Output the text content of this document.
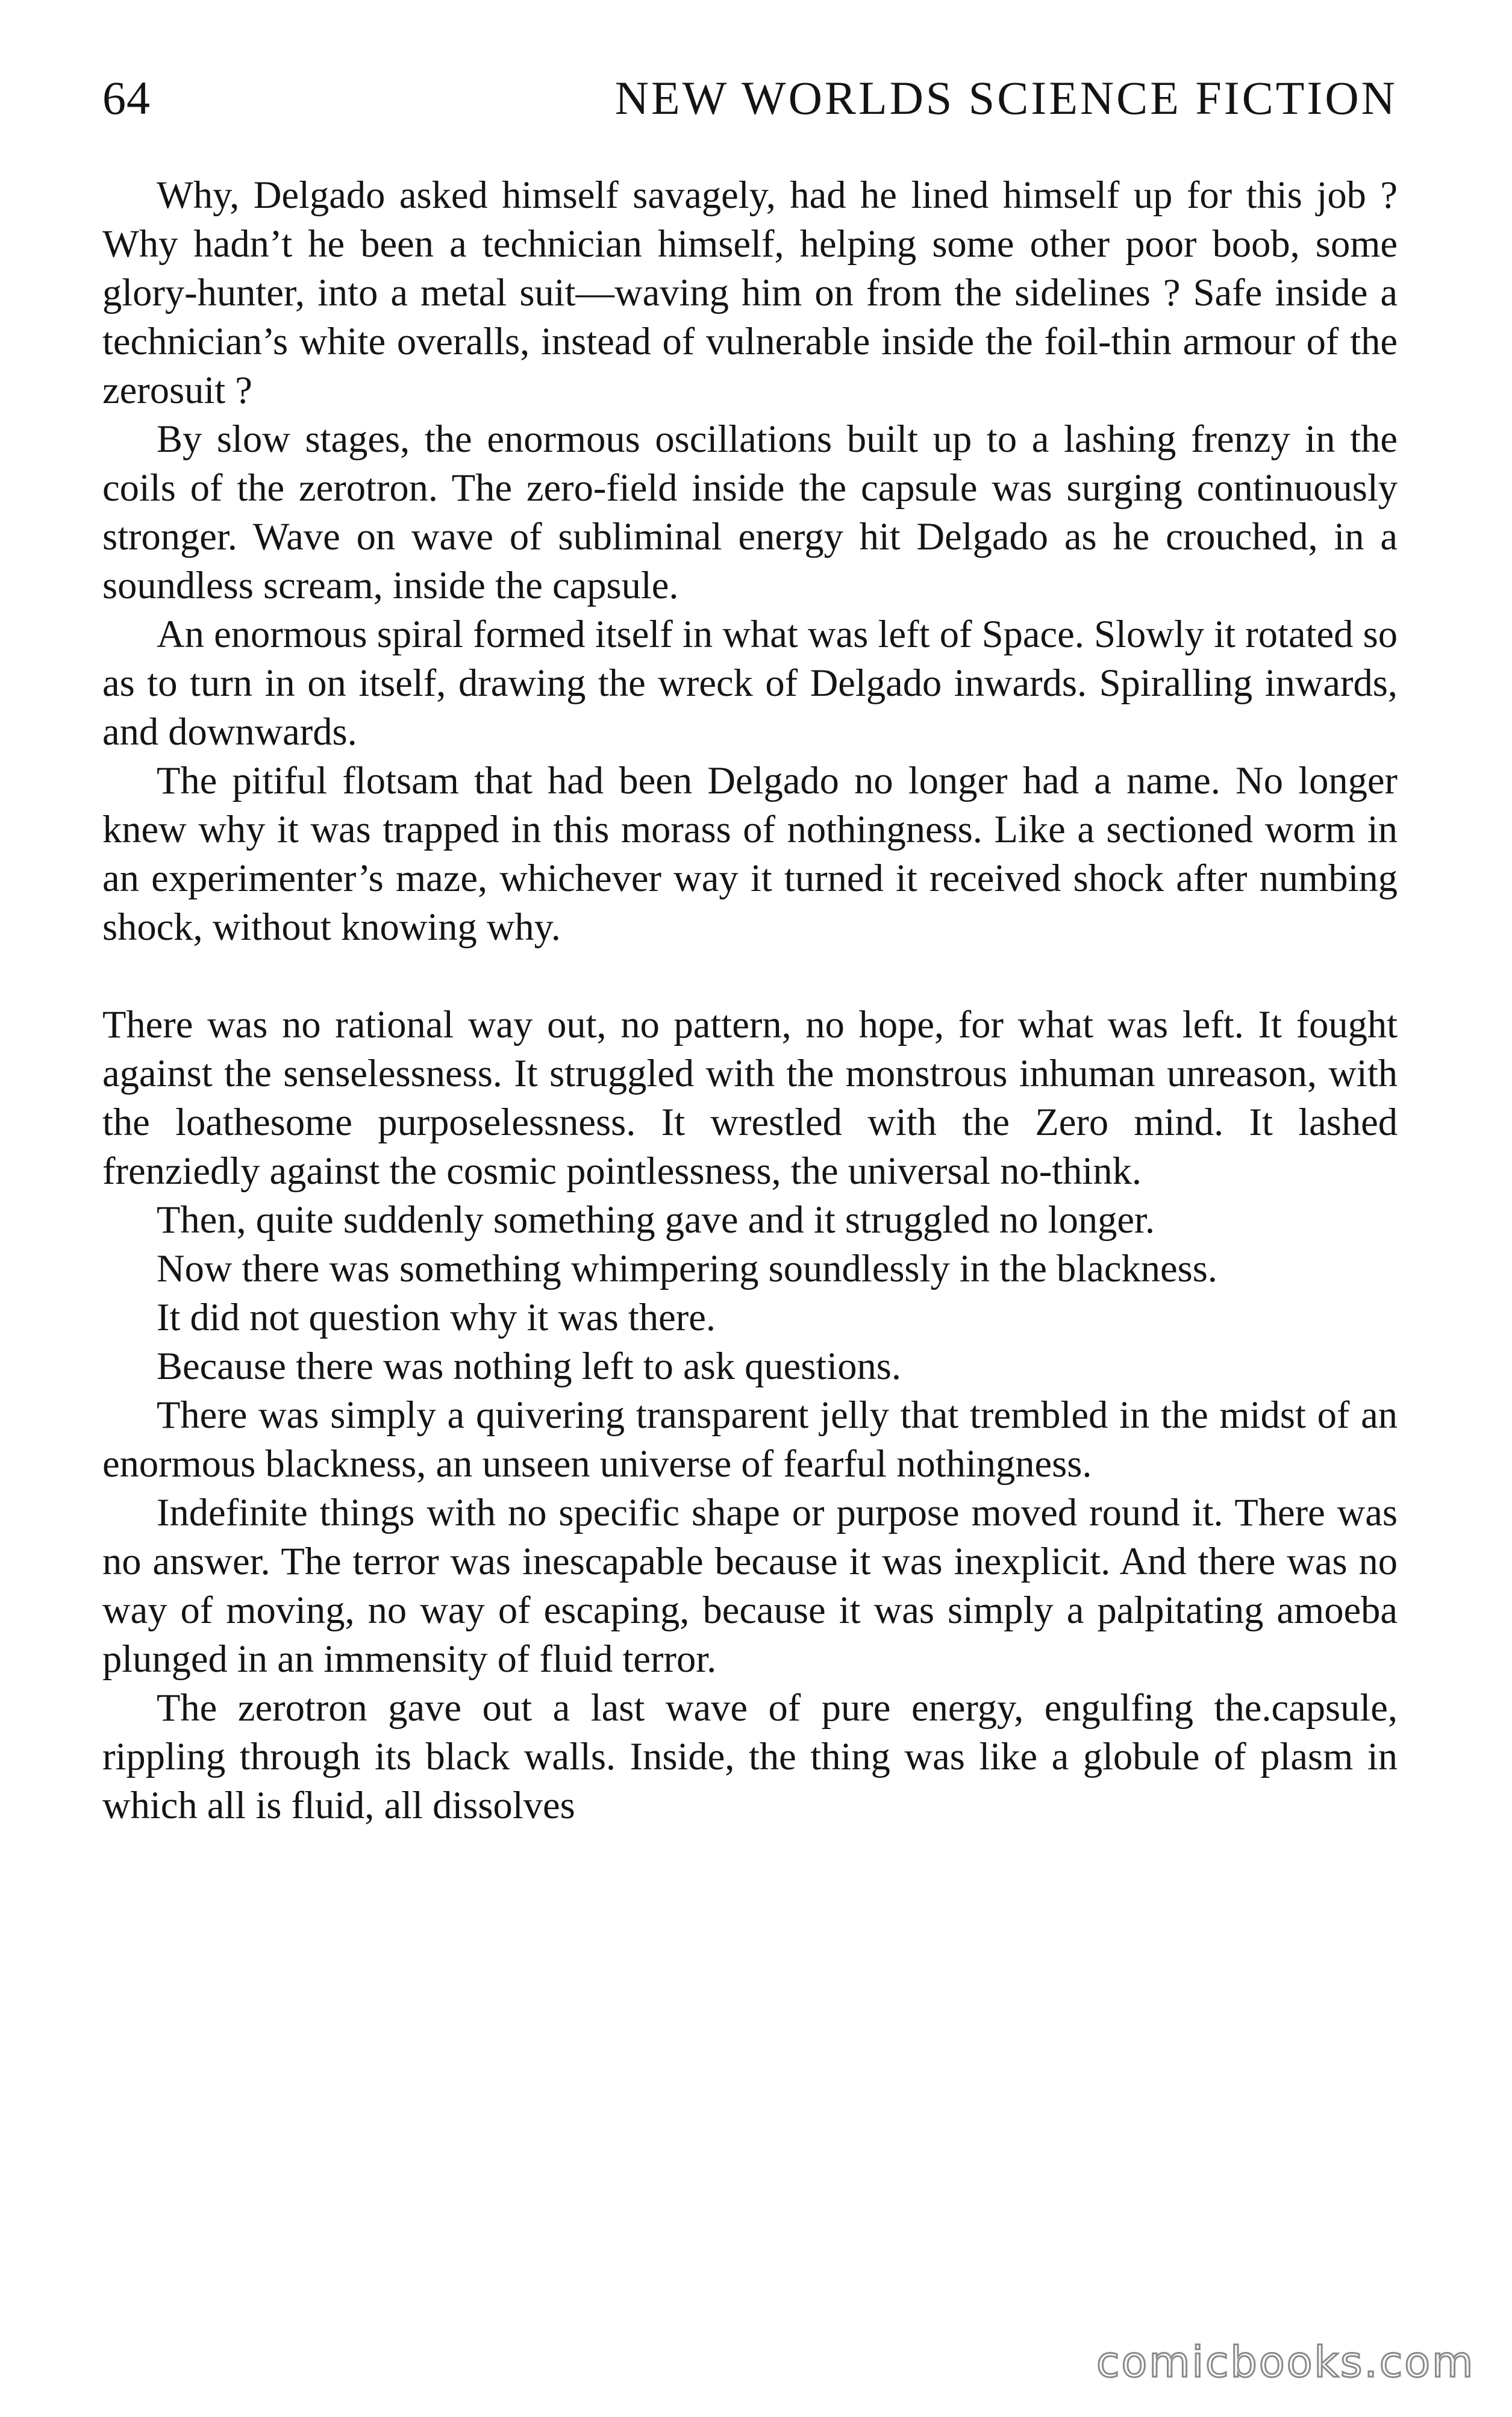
64	NEW WORLDS SCIENCE FICTION

Why, Delgado asked himself savagely, had he lined himself up for this job ? Why hadn’t he been a technician himself, helping some other poor boob, some glory-hunter, into a metal suit—waving him on from the sidelines ? Safe inside a technician’s white overalls, instead of vulnerable inside the foil-thin armour of the zerosuit ?

By slow stages, the enormous oscillations built up to a lashing frenzy in the coils of the zerotron. The zero-field inside the capsule was surging continuously stronger. Wave on wave of subliminal energy hit Delgado as he crouched, in a soundless scream, inside the capsule.

An enormous spiral formed itself in what was left of Space. Slowly it rotated so as to turn in on itself, drawing the wreck of Delgado inwards. Spiralling inwards, and downwards.

The pitiful flotsam that had been Delgado no longer had a name. No longer knew why it was trapped in this morass of nothingness. Like a sectioned worm in an experimenter’s maze, whichever way it turned it received shock after numbing shock, without knowing why.

There was no rational way out, no pattern, no hope, for what was left. It fought against the senselessness. It struggled with the monstrous inhuman unreason, with the loathesome purposelessness. It wrestled with the Zero mind. It lashed frenziedly against the cosmic pointlessness, the universal no-think.

Then, quite suddenly something gave and it struggled no longer.

Now there was something whimpering soundlessly in the blackness.

It did not question why it was there.

Because there was nothing left to ask questions.

There was simply a quivering transparent jelly that trembled in the midst of an enormous blackness, an unseen universe of fearful nothingness.

Indefinite things with no specific shape or purpose moved round it. There was no answer. The terror was inescapable because it was inexplicit. And there was no way of moving, no way of escaping, because it was simply a palpitating amoeba plunged in an immensity of fluid terror.

The zerotron gave out a last wave of pure energy, engulfing the.capsule, rippling through its black walls. Inside, the thing was like a globule of plasm in which all is fluid, all dissolves

comicbooks.com
